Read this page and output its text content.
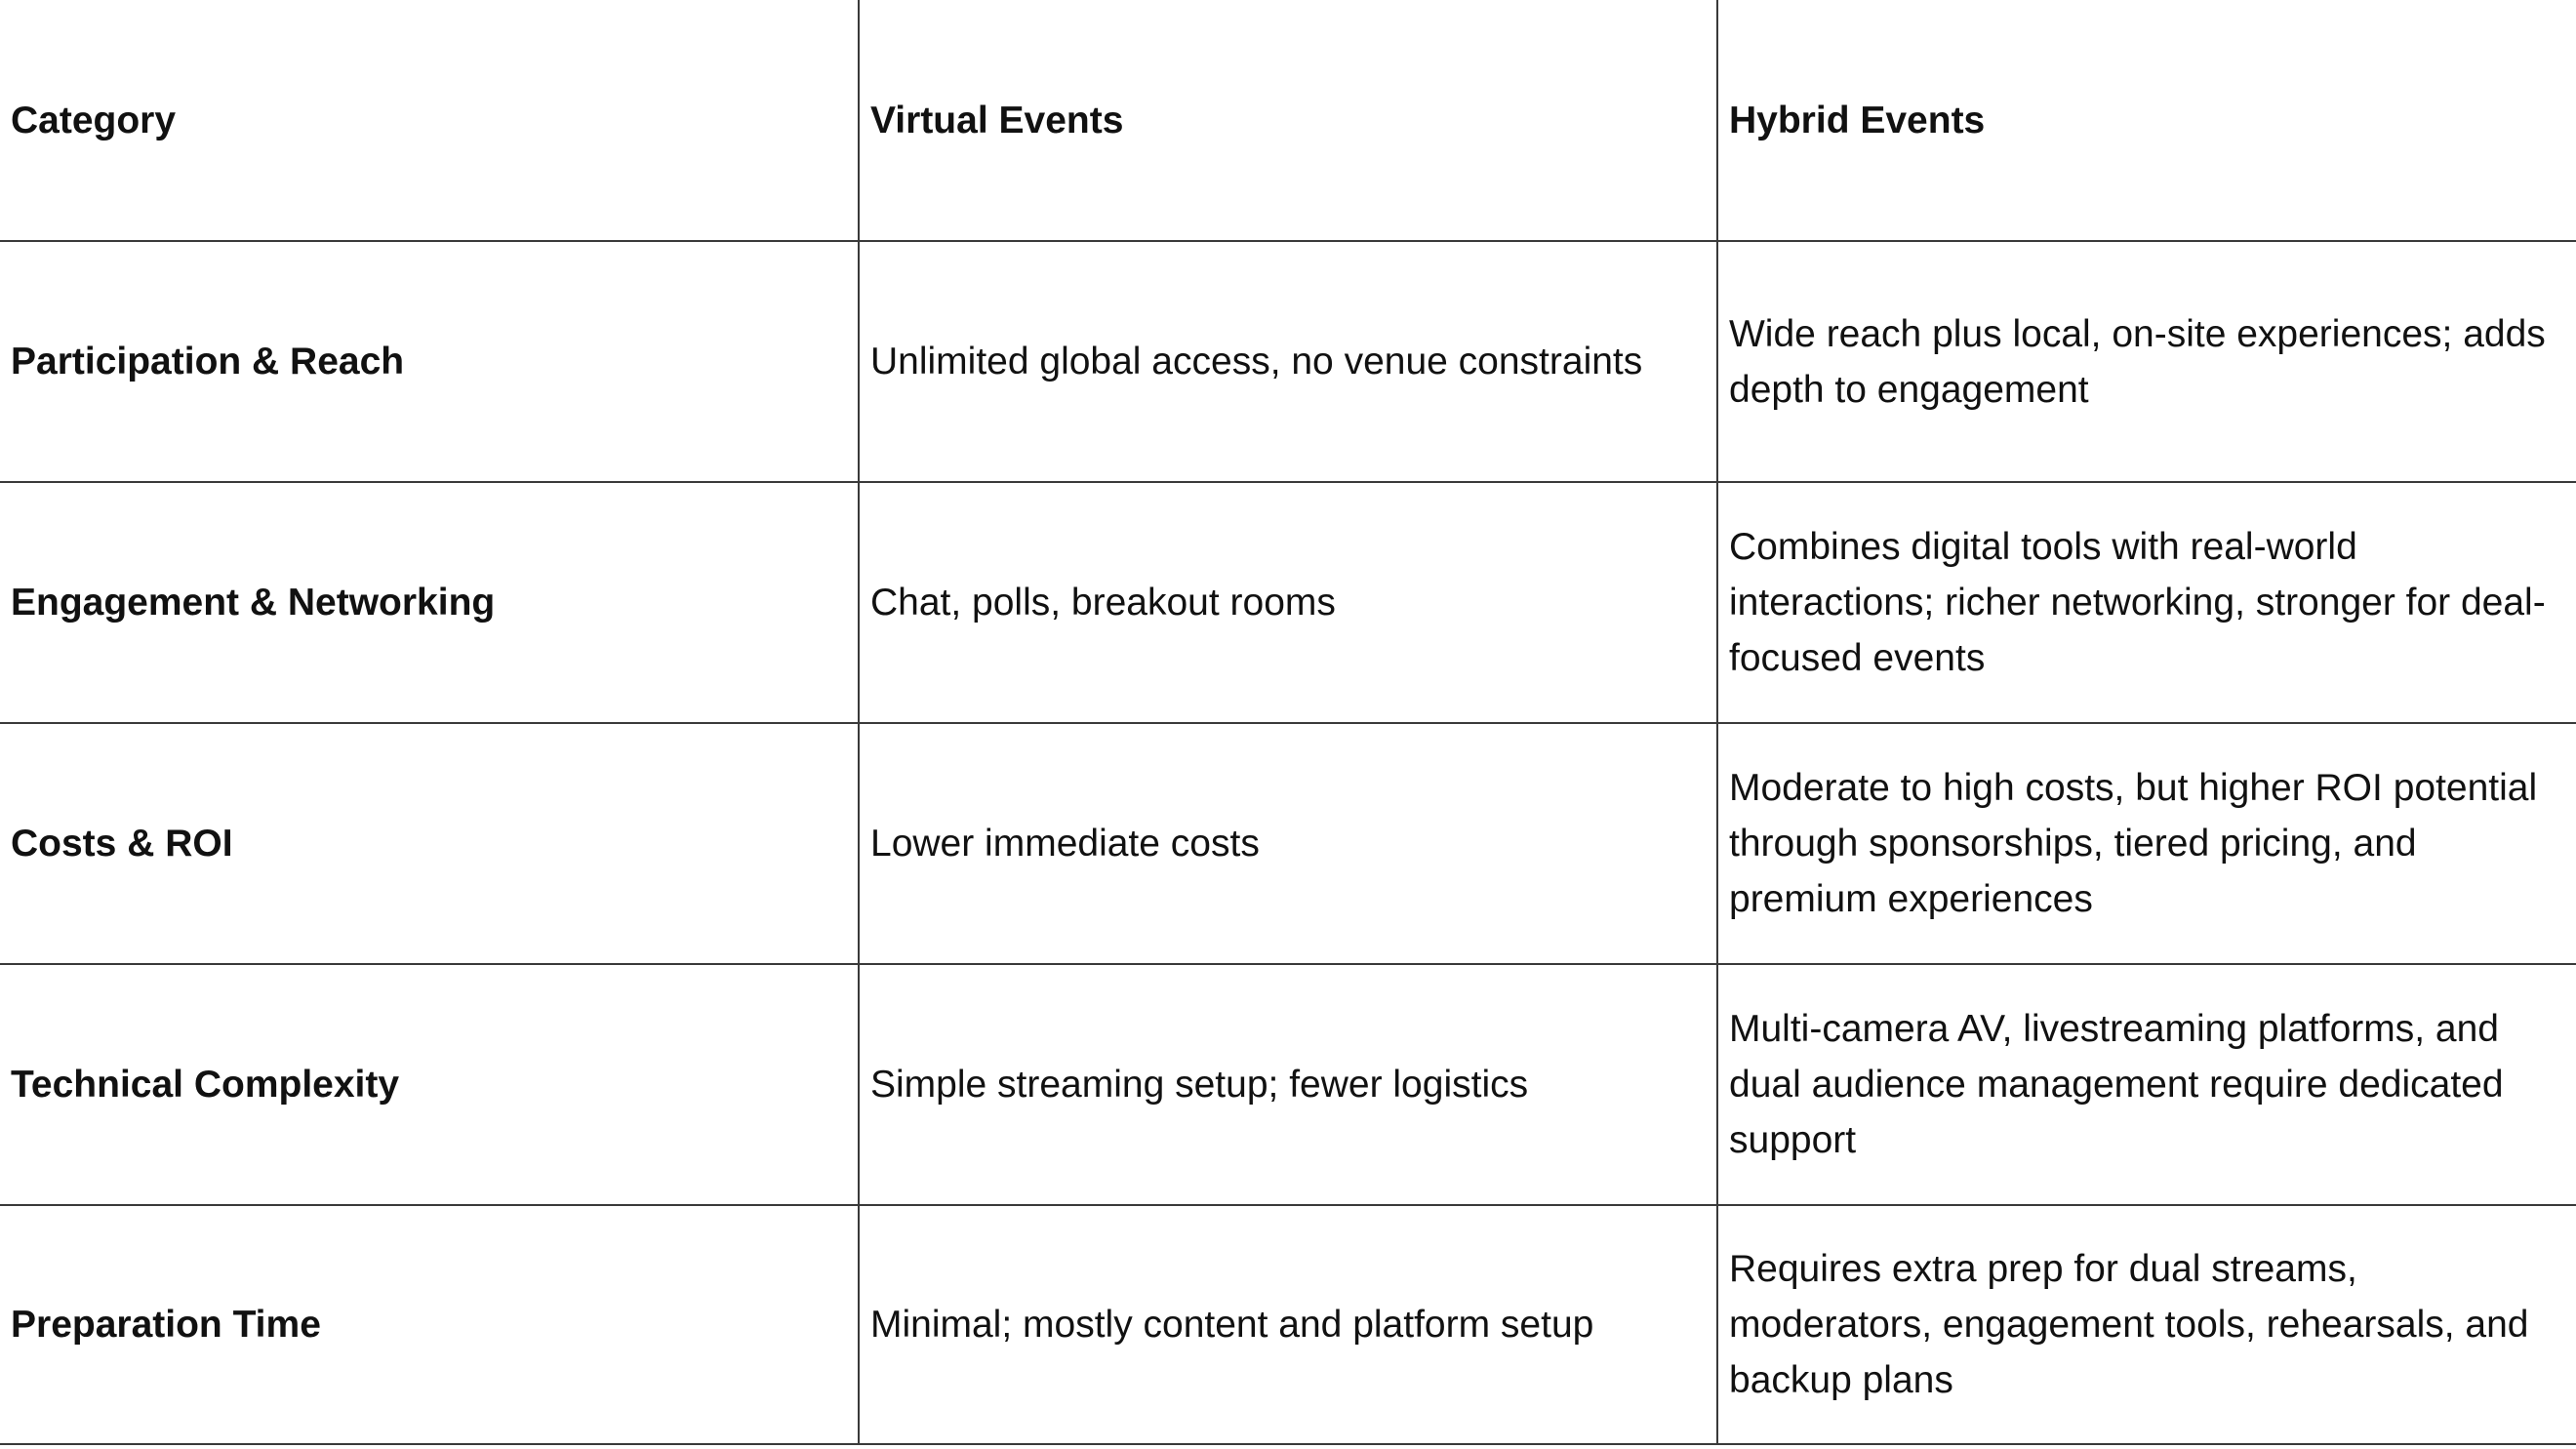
Category	Virtual Events	Hybrid Events
Participation & Reach	Unlimited global access, no venue constraints	Wide reach plus local, on-site experiences; adds depth to engagement
Engagement & Networking	Chat, polls, breakout rooms	Combines digital tools with real-world interactions; richer networking, stronger for deal-focused events
Costs & ROI	Lower immediate costs	Moderate to high costs, but higher ROI potential through sponsorships, tiered pricing, and premium experiences
Technical Complexity	Simple streaming setup; fewer logistics	Multi-camera AV, livestreaming platforms, and dual audience management require dedicated support
Preparation Time	Minimal; mostly content and platform setup	Requires extra prep for dual streams, moderators, engagement tools, rehearsals, and backup plans
